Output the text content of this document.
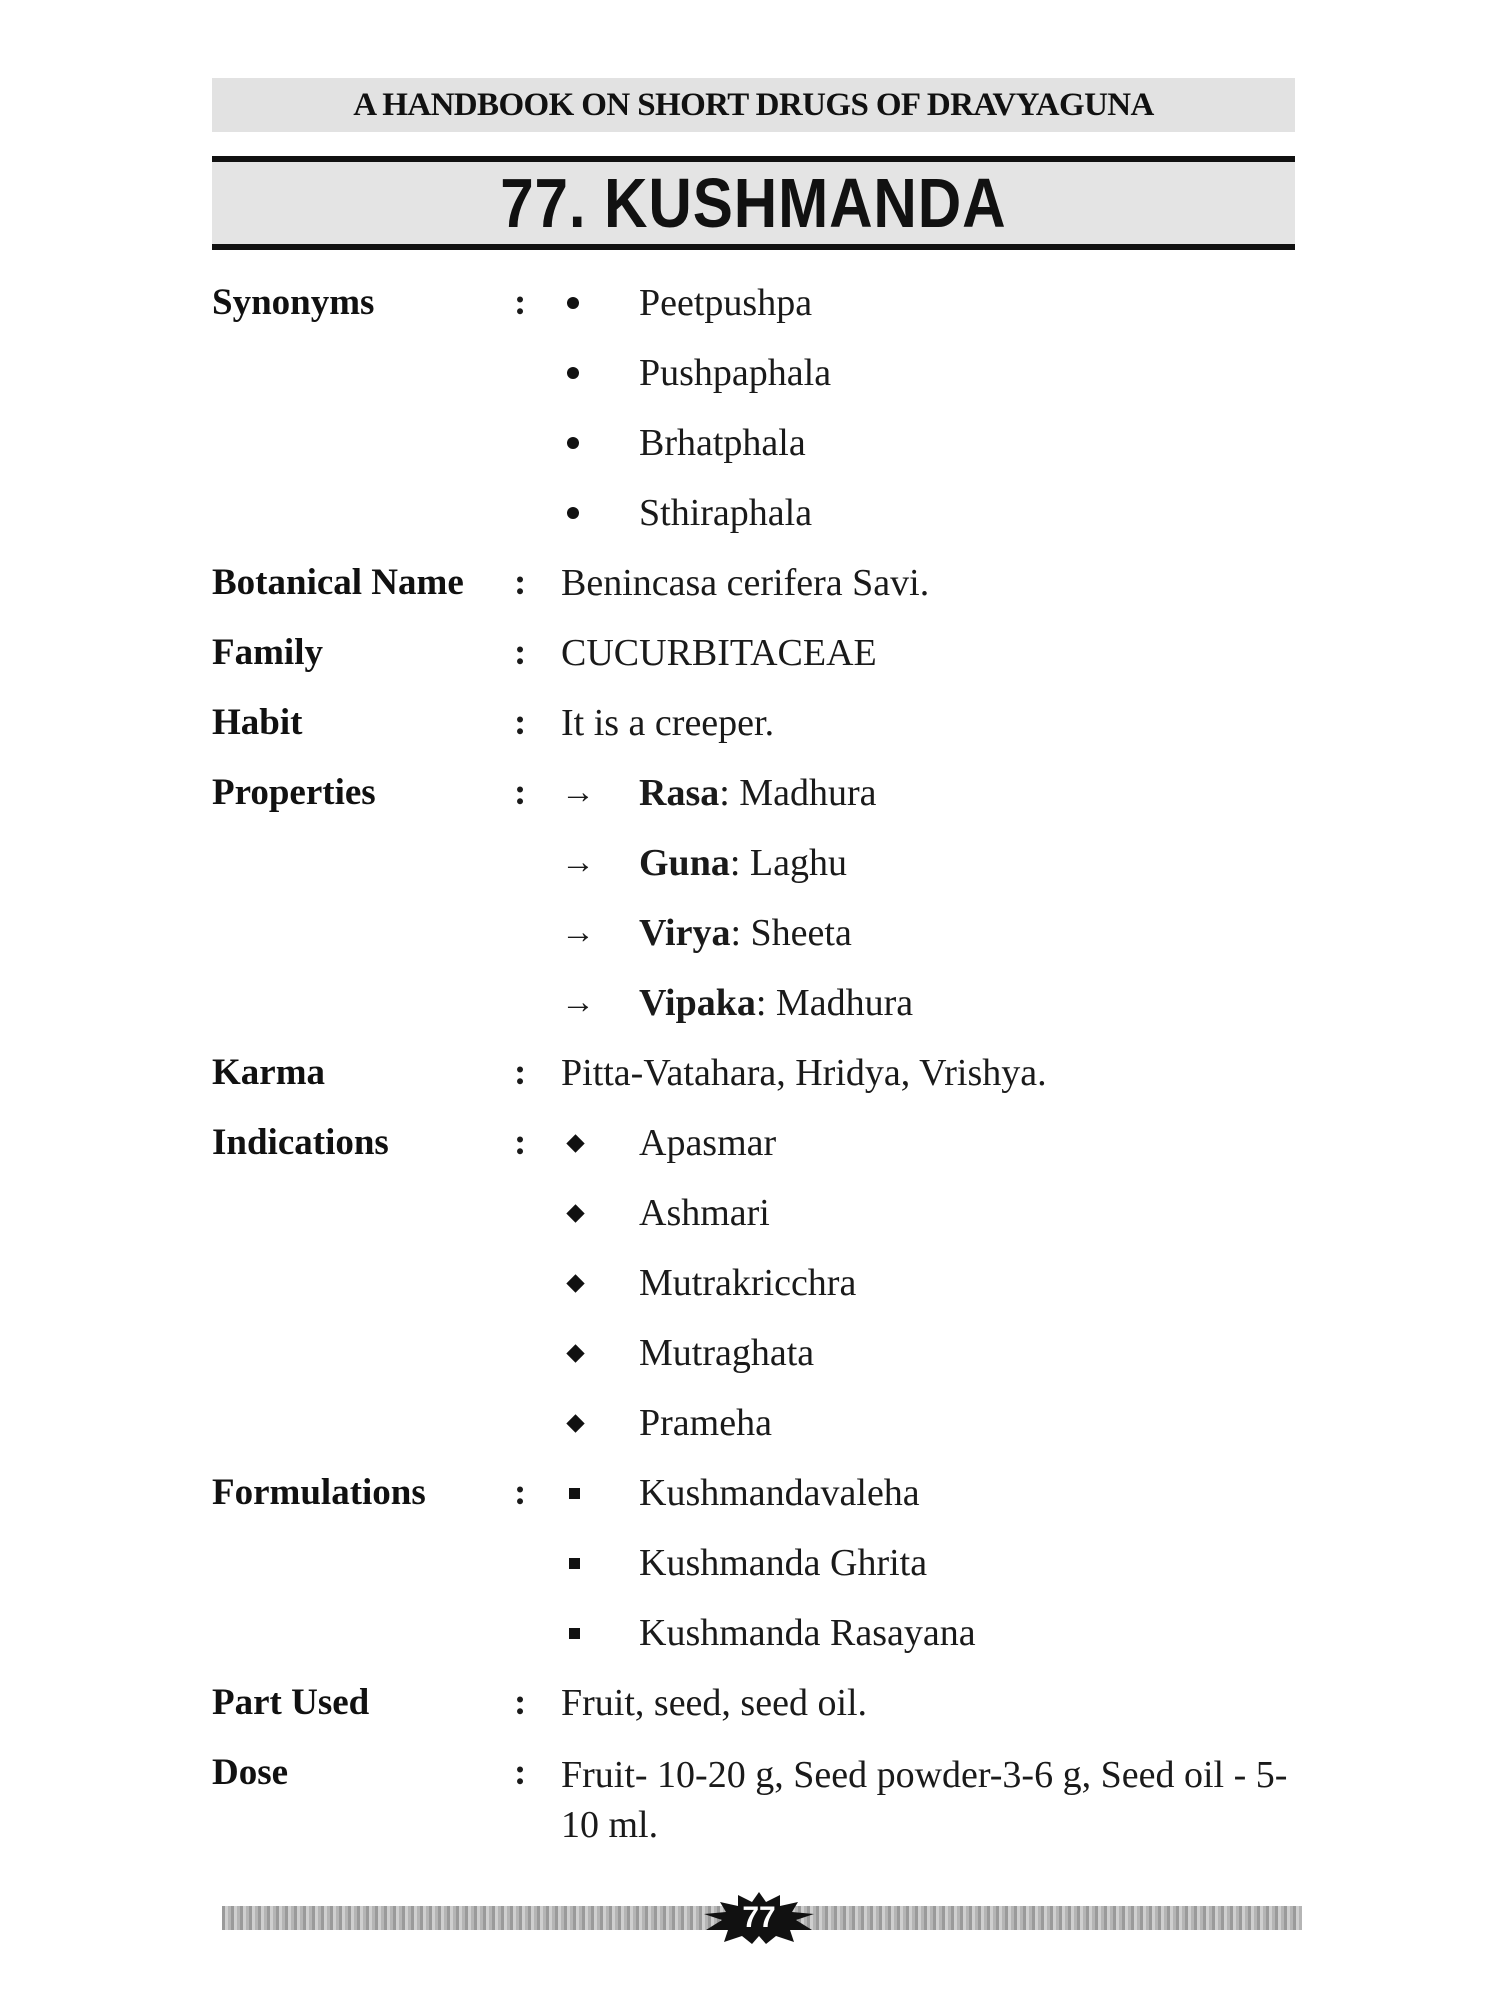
A HANDBOOK ON SHORT DRUGS OF DRAVYAGUNA
77. KUSHMANDA
Synonyms	:	Peetpushpa
Pushpaphala
Brhatphala
Sthiraphala
Botanical Name	: Benincasa cerifera Savi.
Family	: CUCURBITACEAE
Habit	: It is a creeper.
Properties	:	→ Rasa: Madhura
→ Guna: Laghu
→ Virya: Sheeta
→ Vipaka: Madhura
Karma	: Pitta-Vatahara, Hridya, Vrishya.
Indications	:	Apasmar
Ashmari
Mutrakricchra
Mutraghata
Prameha
Formulations	:	Kushmandavaleha
Kushmanda Ghrita
Kushmanda Rasayana
Part Used	: Fruit, seed, seed oil.
Dose	: Fruit- 10-20 g, Seed powder-3-6 g, Seed oil - 5-10 ml.
77
